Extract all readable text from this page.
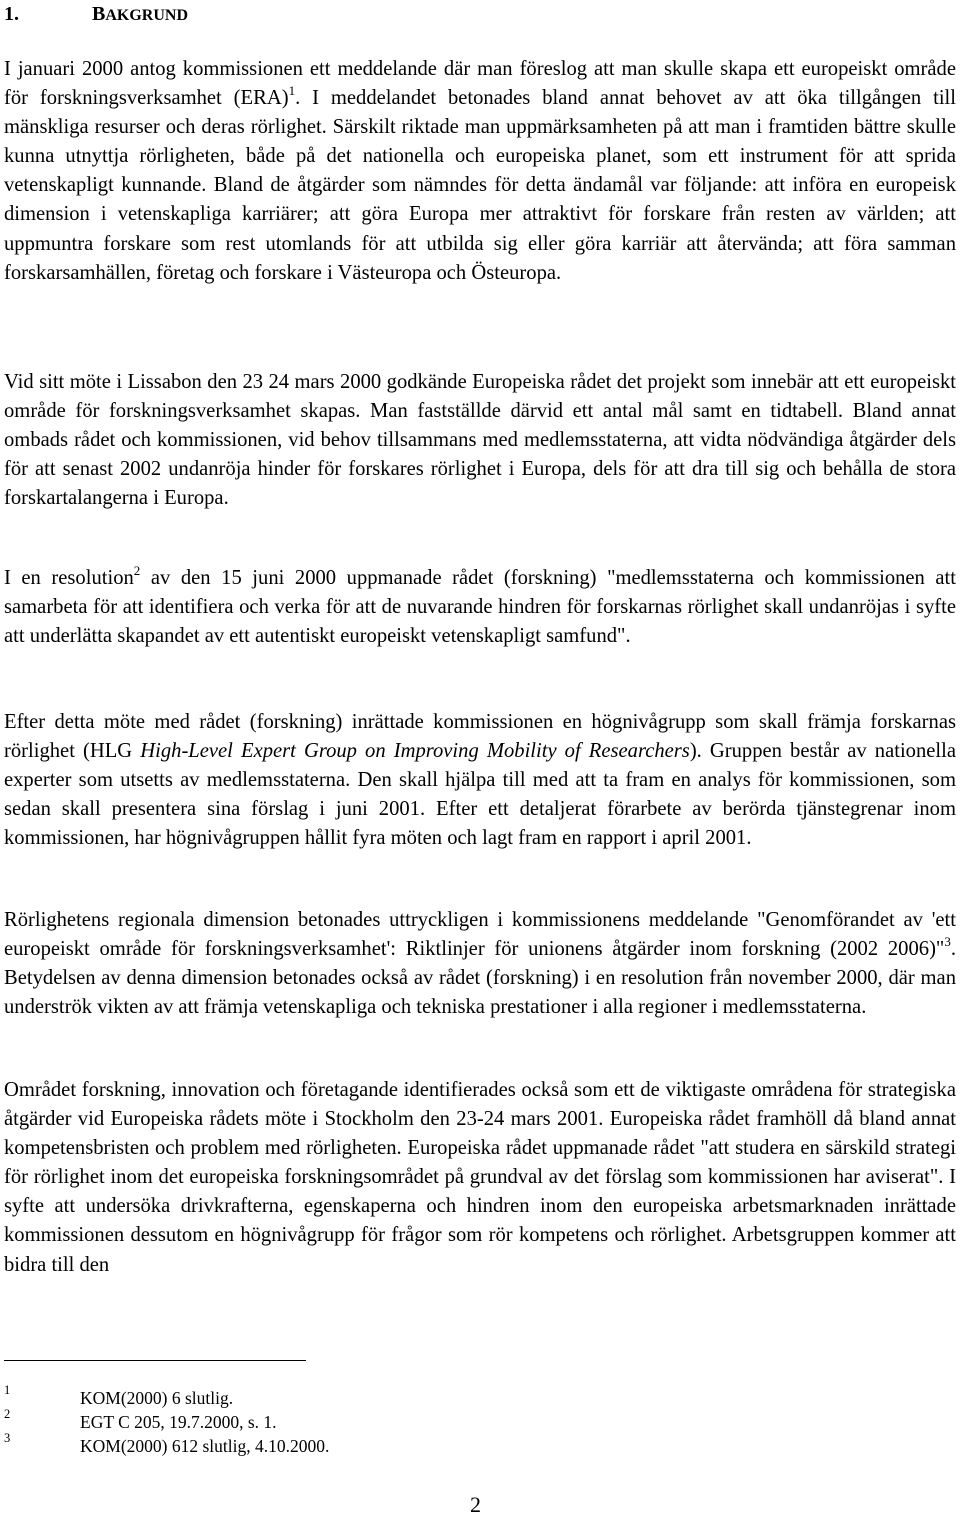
1.	BAKGRUND
I januari 2000 antog kommissionen ett meddelande där man föreslog att man skulle skapa ett europeiskt område för forskningsverksamhet (ERA)$^1$. I meddelandet betonades bland annat behovet av att öka tillgången till mänskliga resurser och deras rörlighet. Särskilt riktade man uppmärksamheten på att man i framtiden bättre skulle kunna utnyttja rörligheten, både på det nationella och europeiska planet, som ett instrument för att sprida vetenskapligt kunnande. Bland de åtgärder som nämndes för detta ändamål var följande: att införa en europeisk dimension i vetenskapliga karriärer; att göra Europa mer attraktivt för forskare från resten av världen; att uppmuntra forskare som rest utomlands för att utbilda sig eller göra karriär att återvända; att föra samman forskarsamhällen, företag och forskare i Västeuropa och Östeuropa.
Vid sitt möte i Lissabon den 23 24 mars 2000 godkände Europeiska rådet det projekt som innebär att ett europeiskt område för forskningsverksamhet skapas. Man fastställde därvid ett antal mål samt en tidtabell. Bland annat ombads rådet och kommissionen, vid behov tillsammans med medlemsstaterna, att vidta nödvändiga åtgärder dels för att senast 2002 undanröja hinder för forskares rörlighet i Europa, dels för att dra till sig och behålla de stora forskartalangerna i Europa.
I en resolution$^2$ av den 15 juni 2000 uppmanade rådet (forskning) "medlemsstaterna och kommissionen att samarbeta för att identifiera och verka för att de nuvarande hindren för forskarnas rörlighet skall undanröjas i syfte att underlätta skapandet av ett autentiskt europeiskt vetenskapligt samfund".
Efter detta möte med rådet (forskning) inrättade kommissionen en högnivågrupp som skall främja forskarnas rörlighet (HLG High-Level Expert Group on Improving Mobility of Researchers). Gruppen består av nationella experter som utsetts av medlemsstaterna. Den skall hjälpa till med att ta fram en analys för kommissionen, som sedan skall presentera sina förslag i juni 2001. Efter ett detaljerat förarbete av berörda tjänstegrenar inom kommissionen, har högnivågruppen hållit fyra möten och lagt fram en rapport i april 2001.
Rörlighetens regionala dimension betonades uttryckligen i kommissionens meddelande "Genomförandet av 'ett europeiskt område för forskningsverksamhet': Riktlinjer för unionens åtgärder inom forskning (2002 2006)"$^3$. Betydelsen av denna dimension betonades också av rådet (forskning) i en resolution från november 2000, där man underströk vikten av att främja vetenskapliga och tekniska prestationer i alla regioner i medlemsstaterna.
Området forskning, innovation och företagande identifierades också som ett de viktigaste områdena för strategiska åtgärder vid Europeiska rådets möte i Stockholm den 23-24 mars 2001. Europeiska rådet framhöll då bland annat kompetensbristen och problem med rörligheten. Europeiska rådet uppmanade rådet "att studera en särskild strategi för rörlighet inom det europeiska forskningsområdet på grundval av det förslag som kommissionen har aviserat". I syfte att undersöka drivkrafterna, egenskaperna och hindren inom den europeiska arbetsmarknaden inrättade kommissionen dessutom en högnivågrupp för frågor som rör kompetens och rörlighet. Arbetsgruppen kommer att bidra till den
1	KOM(2000) 6 slutlig.
2	EGT C 205, 19.7.2000, s. 1.
3	KOM(2000) 612 slutlig, 4.10.2000.
2
